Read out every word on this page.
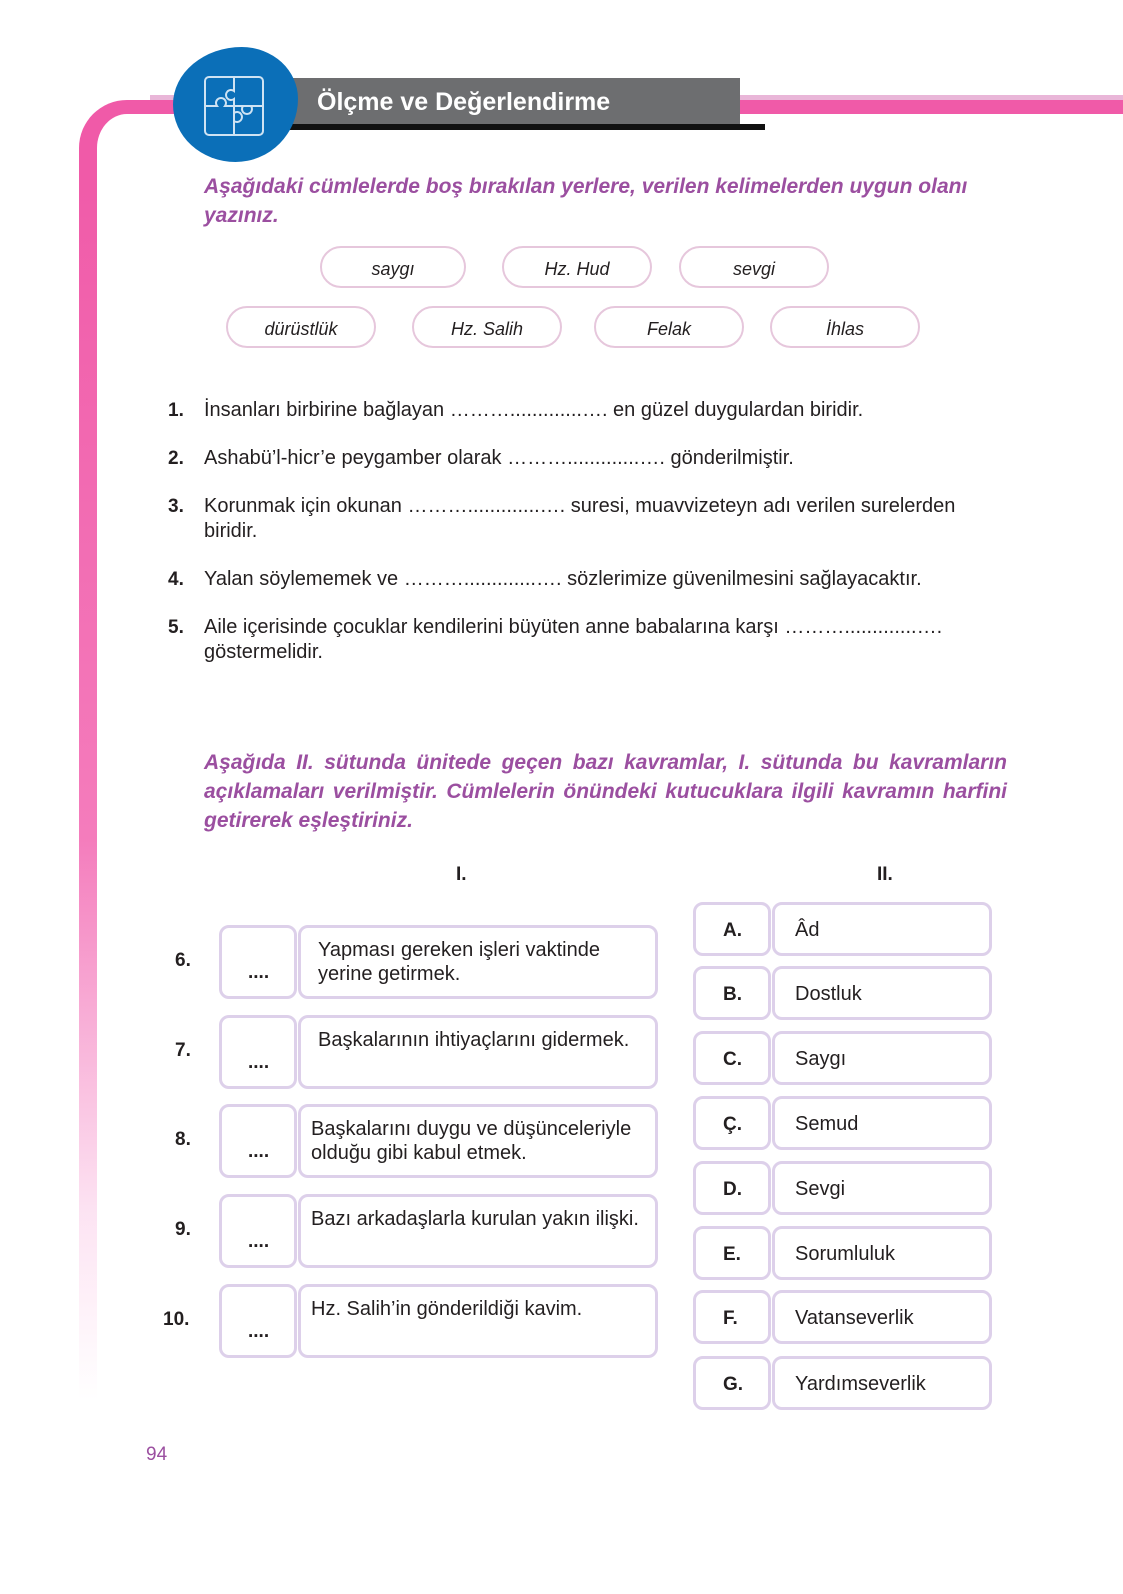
Ölçme ve Değerlendirme
Aşağıdaki cümlelerde boş bırakılan yerlere, verilen kelimelerden uygun olanı yazınız.
Aşağıda II. sütunda ünitede geçen bazı kavramlar, I. sütunda bu kavramların açıklamaları verilmiştir. Cümlelerin önündeki kutucuklara ilgili kavramın harfini getirerek eşleştiriniz.
I.	II.
94
saygı	Hz. Hud	sevgi
dürüstlük	Hz. Salih	Felak	İhlas
1. İnsanları birbirine bağlayan ……….............…. en güzel duygulardan biridir.
2. Ashabü’l-hicr’e peygamber olarak ……….............…. gönderilmiştir.
3. Korunmak için okunan ……….............…. suresi, muavvizeteyn adı verilen surelerden biridir.
4. Yalan söylememek ve ……….............…. sözlerimize güvenilmesini sağlayacaktır.
5. Aile içerisinde çocuklar kendilerini büyüten anne babalarına karşı ……….............…. göstermelidir.
6.
....
Yapması gereken işleri vaktinde yerine getirmek.
7.
....
Başkalarının ihtiyaçlarını gidermek.
8.
....
Başkalarını duygu ve düşünceleriyle olduğu gibi kabul etmek.
9.
....
Bazı arkadaşlarla kurulan yakın ilişki.
10.
....
Hz. Salih’in gönderildiği kavim.
A.	Âd
B.	Dostluk
C.	Saygı
Ç.	Semud
D.	Sevgi
E.	Sorumluluk
F.	Vatanseverlik
G.	Yardımseverlik
